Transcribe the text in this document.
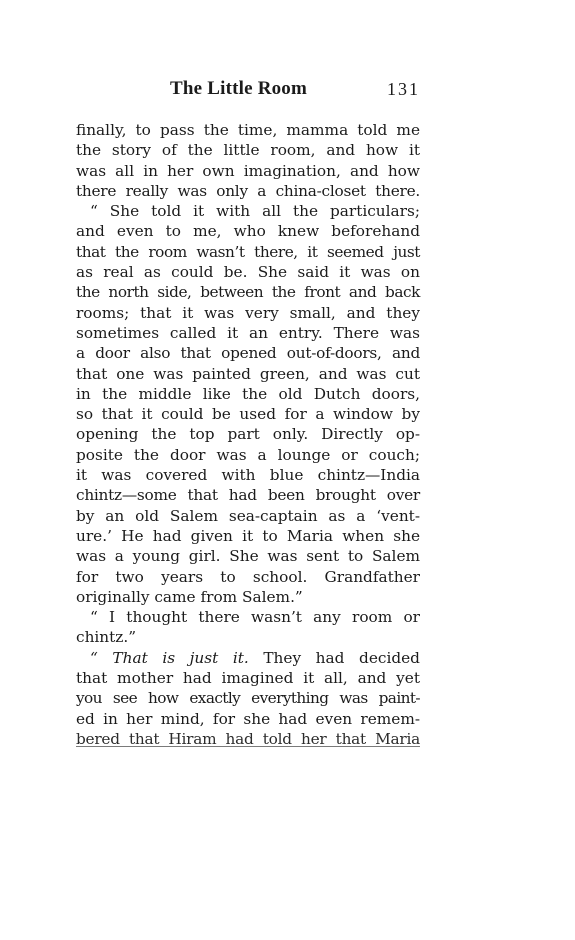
The Little Room	131
finally, to pass the time, mamma told me
the story of the little room, and how it
was all in her own imagination, and how
there really was only a china-closet there.
“ She told it with all the particulars;
and even to me, who knew beforehand
that the room wasn’t there, it seemed just
as real as could be. She said it was on
the north side, between the front and back
rooms; that it was very small, and they
sometimes called it an entry. There was
a door also that opened out-of-doors, and
that one was painted green, and was cut
in the middle like the old Dutch doors,
so that it could be used for a window by
opening the top part only. Directly op-
posite the door was a lounge or couch;
it was covered with blue chintz—India
chintz—some that had been brought over
by an old Salem sea-captain as a ‘vent-
ure.’ He had given it to Maria when she
was a young girl. She was sent to Salem
for two years to school. Grandfather
originally came from Salem.”
“ I thought there wasn’t any room or
chintz.”
“ That is just it. They had decided
that mother had imagined it all, and yet
you see how exactly everything was paint-
ed in her mind, for she had even remem-
bered that Hiram had told her that Maria
